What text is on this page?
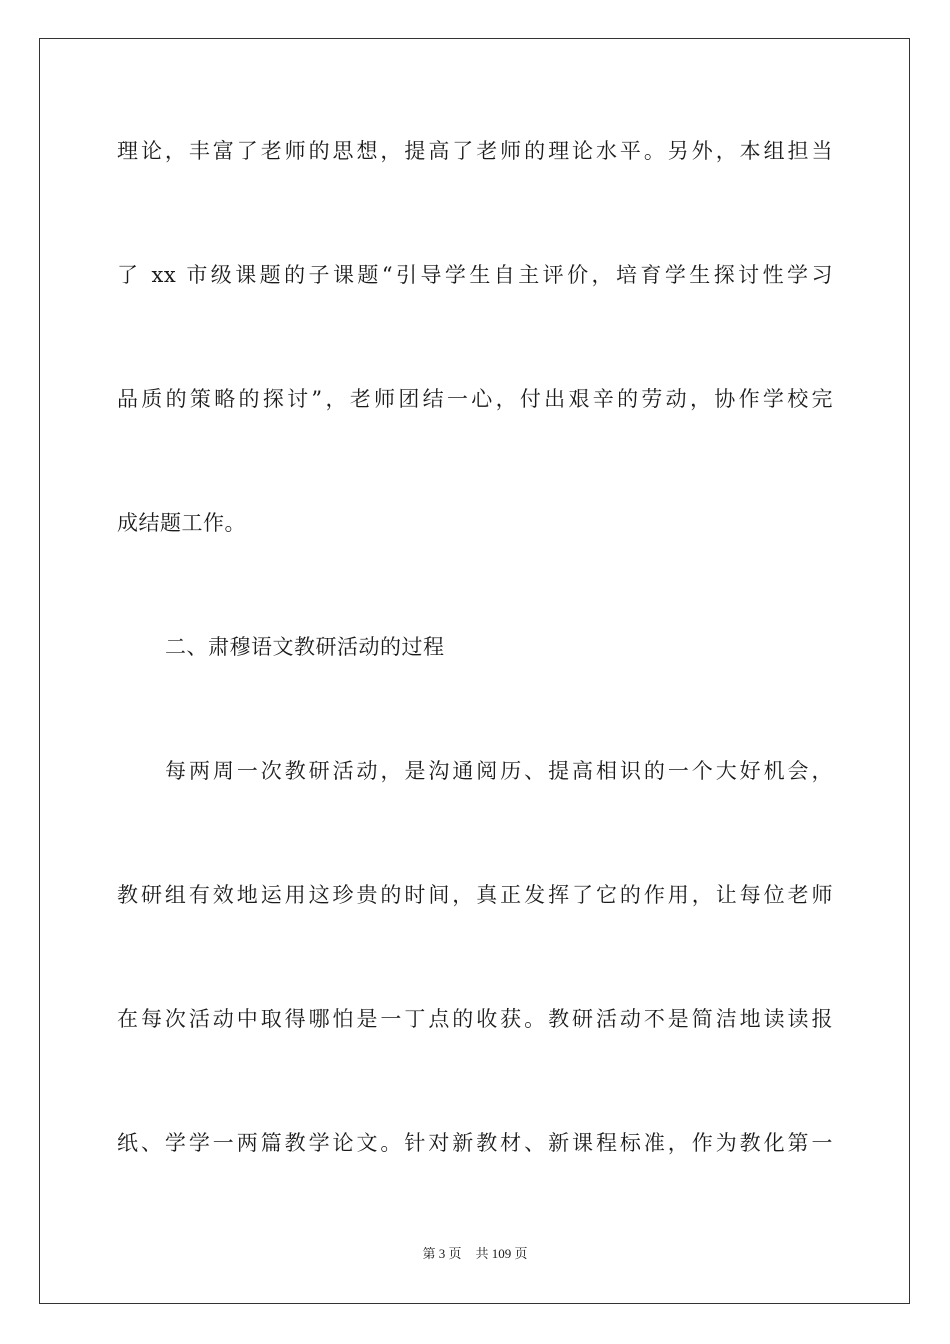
理论，丰富了老师的思想，提高了老师的理论水平。另外，本组担当
了 xx 市级课题的子课题“引导学生自主评价，培育学生探讨性学习
品质的策略的探讨”，老师团结一心，付出艰辛的劳动，协作学校完
成结题工作。
二、肃穆语文教研活动的过程
每两周一次教研活动，是沟通阅历、提高相识的一个大好机会，
教研组有效地运用这珍贵的时间，真正发挥了它的作用，让每位老师
在每次活动中取得哪怕是一丁点的收获。教研活动不是简洁地读读报
纸、学学一两篇教学论文。针对新教材、新课程标准，作为教化第一
第 3 页 共 109 页
